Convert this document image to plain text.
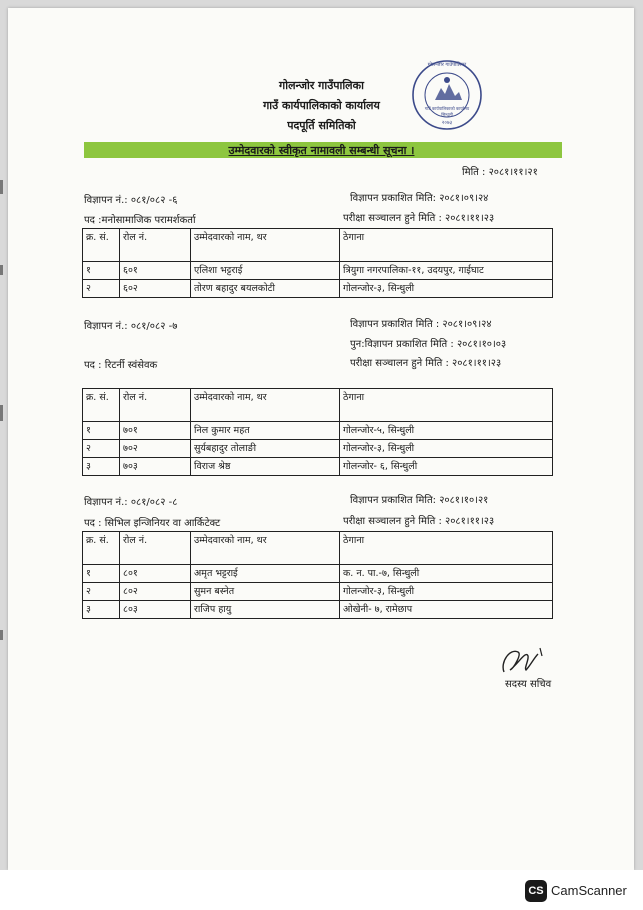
गोलन्जोर गाउँपालिका
गाउँ कार्यपालिकाको कार्यालय
पदपूर्ति समितिको
गोलन्जोर गाउँपालिका
गाउँ कार्यपालिकाको कार्यालय
सिन्धुली
२०७३
उम्मेदवारको स्वीकृत नामावली सम्बन्धी सूचना ।
मिति : २०८१।११।२१
विज्ञापन नं.: ०८१/०८२ -६	विज्ञापन प्रकाशित मिति: २०८१।०९।२४
पद :मनोसामाजिक परामर्शकर्ता	परीक्षा सञ्चालन हुने मिति : २०८१।११।२३
क्र. सं.	रोल नं.	उम्मेदवारको नाम, थर	ठेगाना
१	६०१	एलिशा भट्टराई	त्रियुगा नगरपालिका-११, उदयपुर, गाईघाट
२	६०२	तोरण बहादुर बयलकोटी	गोलन्जोर-३, सिन्धुली
विज्ञापन नं.: ०८१/०८२ -७	विज्ञापन प्रकाशित मिति : २०८१।०९।२४
पुन:विज्ञापन प्रकाशित मिति : २०८१।१०।०३
पद : रिटर्नी स्वंसेवक	परीक्षा सञ्चालन हुने मिति : २०८१।११।२३
क्र. सं.	रोल नं.	उम्मेदवारको नाम, थर	ठेगाना
१	७०१	निल कुमार महत	गोलन्जोर-५, सिन्धुली
२	७०२	सुर्यबहादुर तोलाङी	गोलन्जोर-३, सिन्धुली
३	७०३	विराज श्रेष्ठ	गोलन्जोर- ६, सिन्धुली
विज्ञापन नं.: ०८१/०८२ -८	विज्ञापन प्रकाशित मिति: २०८१।१०।२१
पद : सिभिल इन्जिनियर वा आर्किटेक्ट	परीक्षा सञ्चालन हुने मिति : २०८१।११।२३
क्र. सं.	रोल नं.	उम्मेदवारको नाम, थर	ठेगाना
१	८०१	अमृत भट्टराई	क. न. पा.-७, सिन्धुली
२	८०२	सुमन बस्नेत	गोलन्जोर-३, सिन्धुली
३	८०३	राजिप हायु	ओखेनी- ७, रामेछाप
सदस्य सचिव
CS CamScanner
